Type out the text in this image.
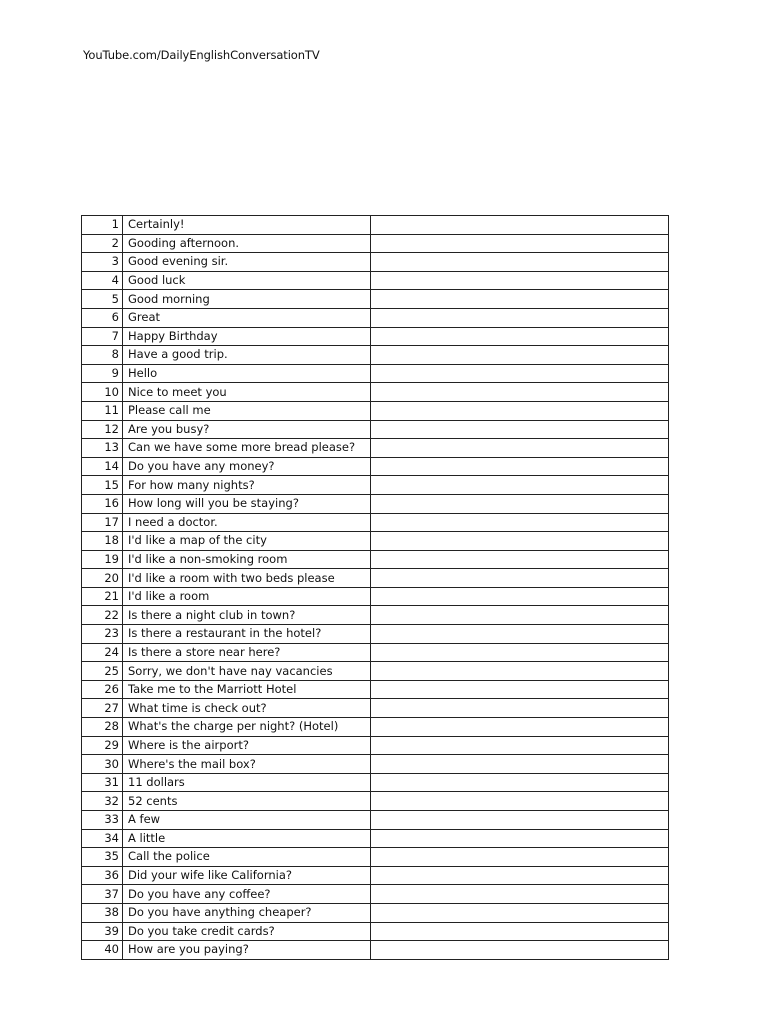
YouTube.com/DailyEnglishConversationTV
1	Certainly!	
2	Gooding afternoon.	
3	Good evening sir.	
4	Good luck	
5	Good morning	
6	Great	
7	Happy Birthday	
8	Have a good trip.	
9	Hello	
10	Nice to meet you	
11	Please call me	
12	Are you busy?	
13	Can we have some more bread please?	
14	Do you have any money?	
15	For how many nights?	
16	How long will you be staying?	
17	I need a doctor.	
18	I'd like a map of the city	
19	I'd like a non-smoking room	
20	I'd like a room with two beds please	
21	I'd like a room	
22	Is there a night club in town?	
23	Is there a restaurant in the hotel?	
24	Is there a store near here?	
25	Sorry, we don't have nay vacancies	
26	Take me to the Marriott Hotel	
27	What time is check out?	
28	What's the charge per night? (Hotel)	
29	Where is the airport?	
30	Where's the mail box?	
31	11 dollars	
32	52 cents	
33	A few	
34	A little	
35	Call the police	
36	Did your wife like California?	
37	Do you have any coffee?	
38	Do you have anything cheaper?	
39	Do you take credit cards?	
40	How are you paying?	
